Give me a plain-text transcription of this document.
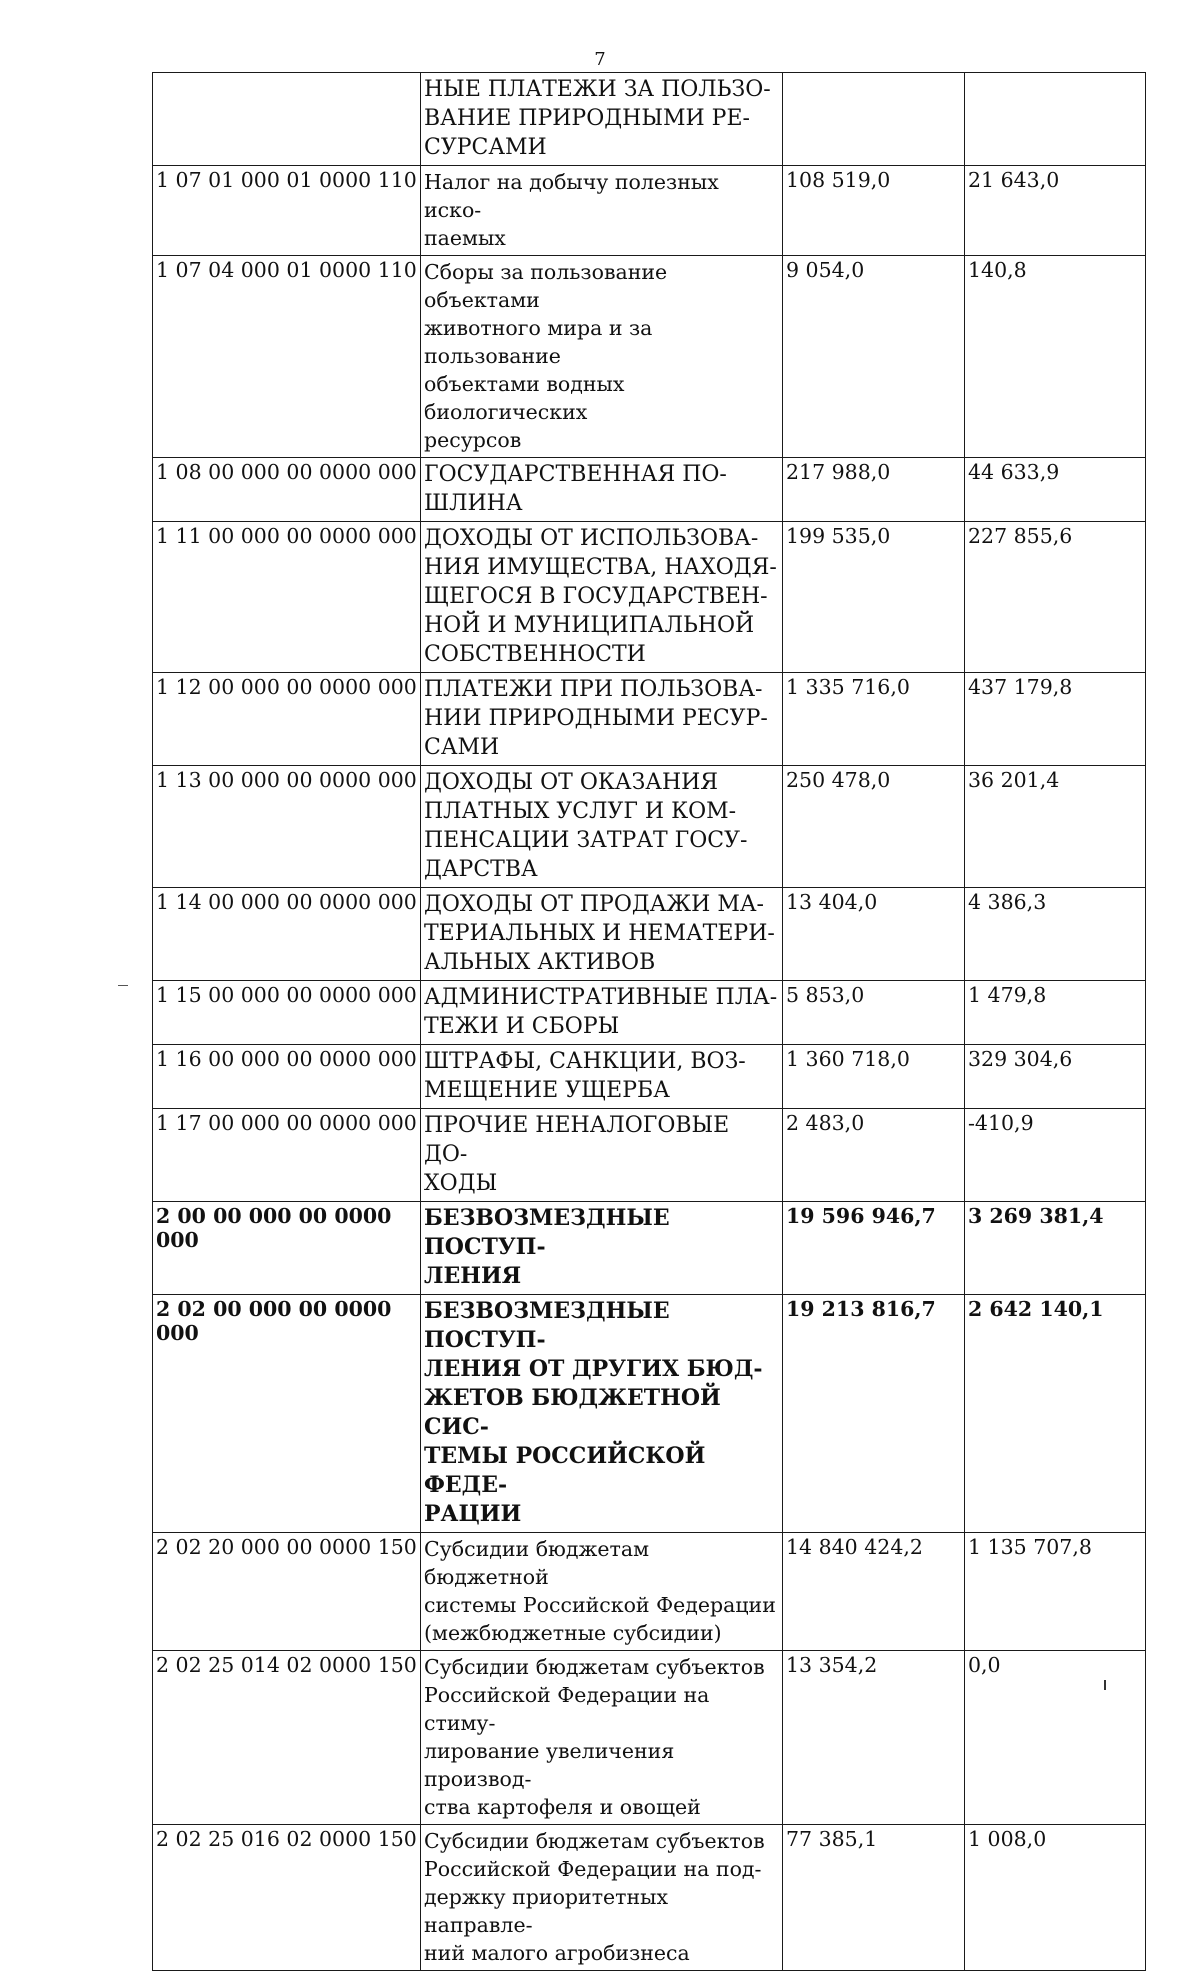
7

	НЫЕ ПЛАТЕЖИ ЗА ПОЛЬЗО-
ВАНИЕ ПРИРОДНЫМИ РЕ-
СУРСАМИ		

1 07 01 000 01 0000 110	Налог на добычу полезных иско-
паемых	108 519,0	21 643,0
1 07 04 000 01 0000 110	Сборы за пользование объектами
животного мира и за пользование
объектами водных биологических
ресурсов	9 054,0	140,8
1 08 00 000 00 0000 000	ГОСУДАРСТВЕННАЯ ПО-
ШЛИНА	217 988,0	44 633,9
1 11 00 000 00 0000 000	ДОХОДЫ ОТ ИСПОЛЬЗОВА-
НИЯ ИМУЩЕСТВА, НАХОДЯ-
ЩЕГОСЯ В ГОСУДАРСТВЕН-
НОЙ И МУНИЦИПАЛЬНОЙ
СОБСТВЕННОСТИ	199 535,0	227 855,6
1 12 00 000 00 0000 000	ПЛАТЕЖИ ПРИ ПОЛЬЗОВА-
НИИ ПРИРОДНЫМИ РЕСУР-
САМИ	1 335 716,0	437 179,8
1 13 00 000 00 0000 000	ДОХОДЫ ОТ ОКАЗАНИЯ
ПЛАТНЫХ УСЛУГ И КОМ-
ПЕНСАЦИИ ЗАТРАТ ГОСУ-
ДАРСТВА	250 478,0	36 201,4
1 14 00 000 00 0000 000	ДОХОДЫ ОТ ПРОДАЖИ МА-
ТЕРИАЛЬНЫХ И НЕМАТЕРИ-
АЛЬНЫХ АКТИВОВ	13 404,0	4 386,3
1 15 00 000 00 0000 000	АДМИНИСТРАТИВНЫЕ ПЛА-
ТЕЖИ И СБОРЫ	5 853,0	1 479,8
1 16 00 000 00 0000 000	ШТРАФЫ, САНКЦИИ, ВОЗ-
МЕЩЕНИЕ УЩЕРБА	1 360 718,0	329 304,6
1 17 00 000 00 0000 000	ПРОЧИЕ НЕНАЛОГОВЫЕ ДО-
ХОДЫ	2 483,0	-410,9
2 00 00 000 00 0000 000	БЕЗВОЗМЕЗДНЫЕ ПОСТУП-
ЛЕНИЯ	19 596 946,7	3 269 381,4
2 02 00 000 00 0000 000	БЕЗВОЗМЕЗДНЫЕ ПОСТУП-
ЛЕНИЯ ОТ ДРУГИХ БЮД-
ЖЕТОВ БЮДЖЕТНОЙ СИС-
ТЕМЫ РОССИЙСКОЙ ФЕДЕ-
РАЦИИ	19 213 816,7	2 642 140,1
2 02 20 000 00 0000 150	Субсидии бюджетам бюджетной
системы Российской Федерации
(межбюджетные субсидии)	14 840 424,2	1 135 707,8
2 02 25 014 02 0000 150	Субсидии бюджетам субъектов
Российской Федерации на стиму-
лирование увеличения производ-
ства картофеля и овощей	13 354,2	0,0
2 02 25 016 02 0000 150	Субсидии бюджетам субъектов
Российской Федерации на под-
держку приоритетных направле-
ний малого агробизнеса	77 385,1	1 008,0
